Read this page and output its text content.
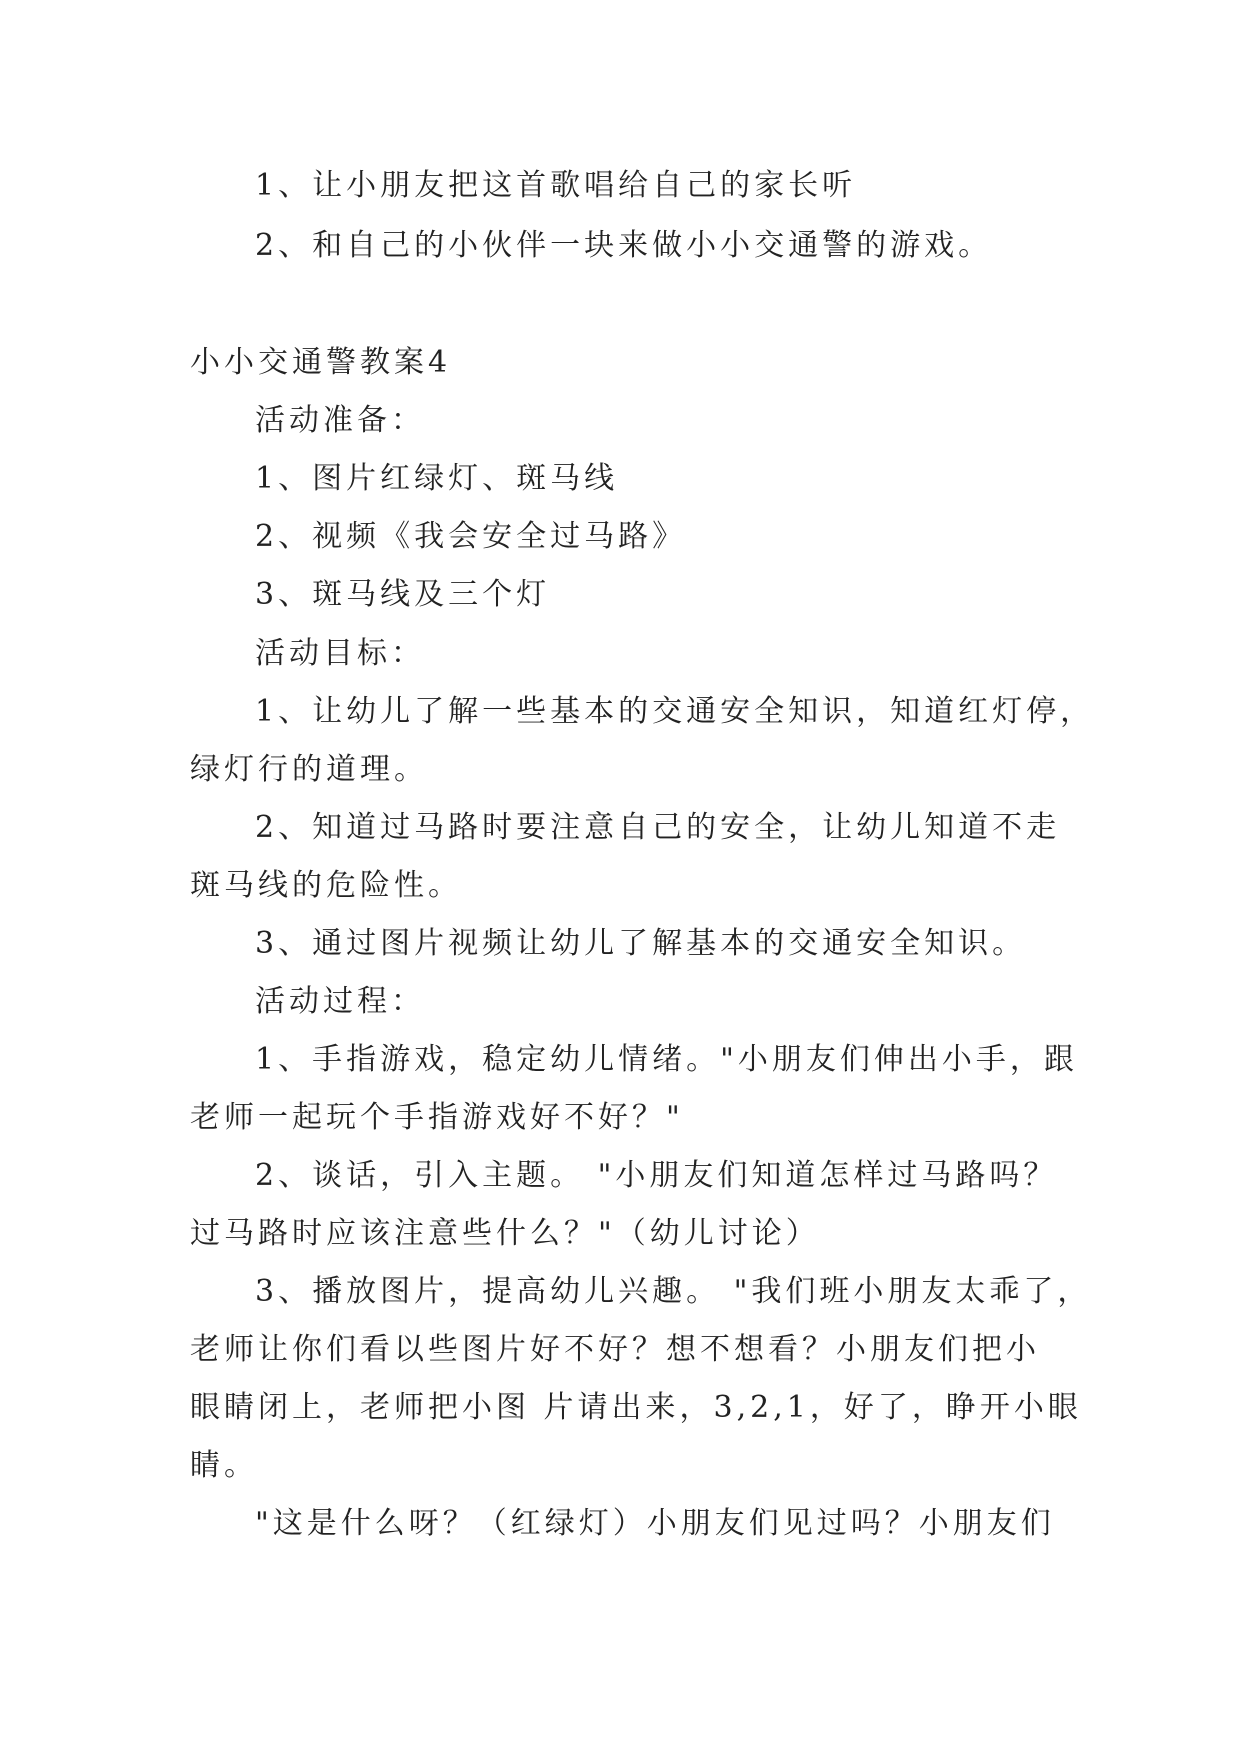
1、让小朋友把这首歌唱给自己的家长听
2、和自己的小伙伴一块来做小小交通警的游戏。
小小交通警教案4
活动准备：
1、图片红绿灯、斑马线
2、视频《我会安全过马路》
3、斑马线及三个灯
活动目标：
1、让幼儿了解一些基本的交通安全知识，知道红灯停，
绿灯行的道理。
2、知道过马路时要注意自己的安全，让幼儿知道不走
斑马线的危险性。
3、通过图片视频让幼儿了解基本的交通安全知识。
活动过程：
1、手指游戏，稳定幼儿情绪。"小朋友们伸出小手，跟
老师一起玩个手指游戏好不好？"
2、谈话，引入主题。 "小朋友们知道怎样过马路吗？
过马路时应该注意些什么？"（幼儿讨论）
3、播放图片，提高幼儿兴趣。 "我们班小朋友太乖了，
老师让你们看以些图片好不好？想不想看？小朋友们把小
眼睛闭上，老师把小图 片请出来，3,2,1，好了，睁开小眼
睛。
"这是什么呀？（红绿灯）小朋友们见过吗？小朋友们
